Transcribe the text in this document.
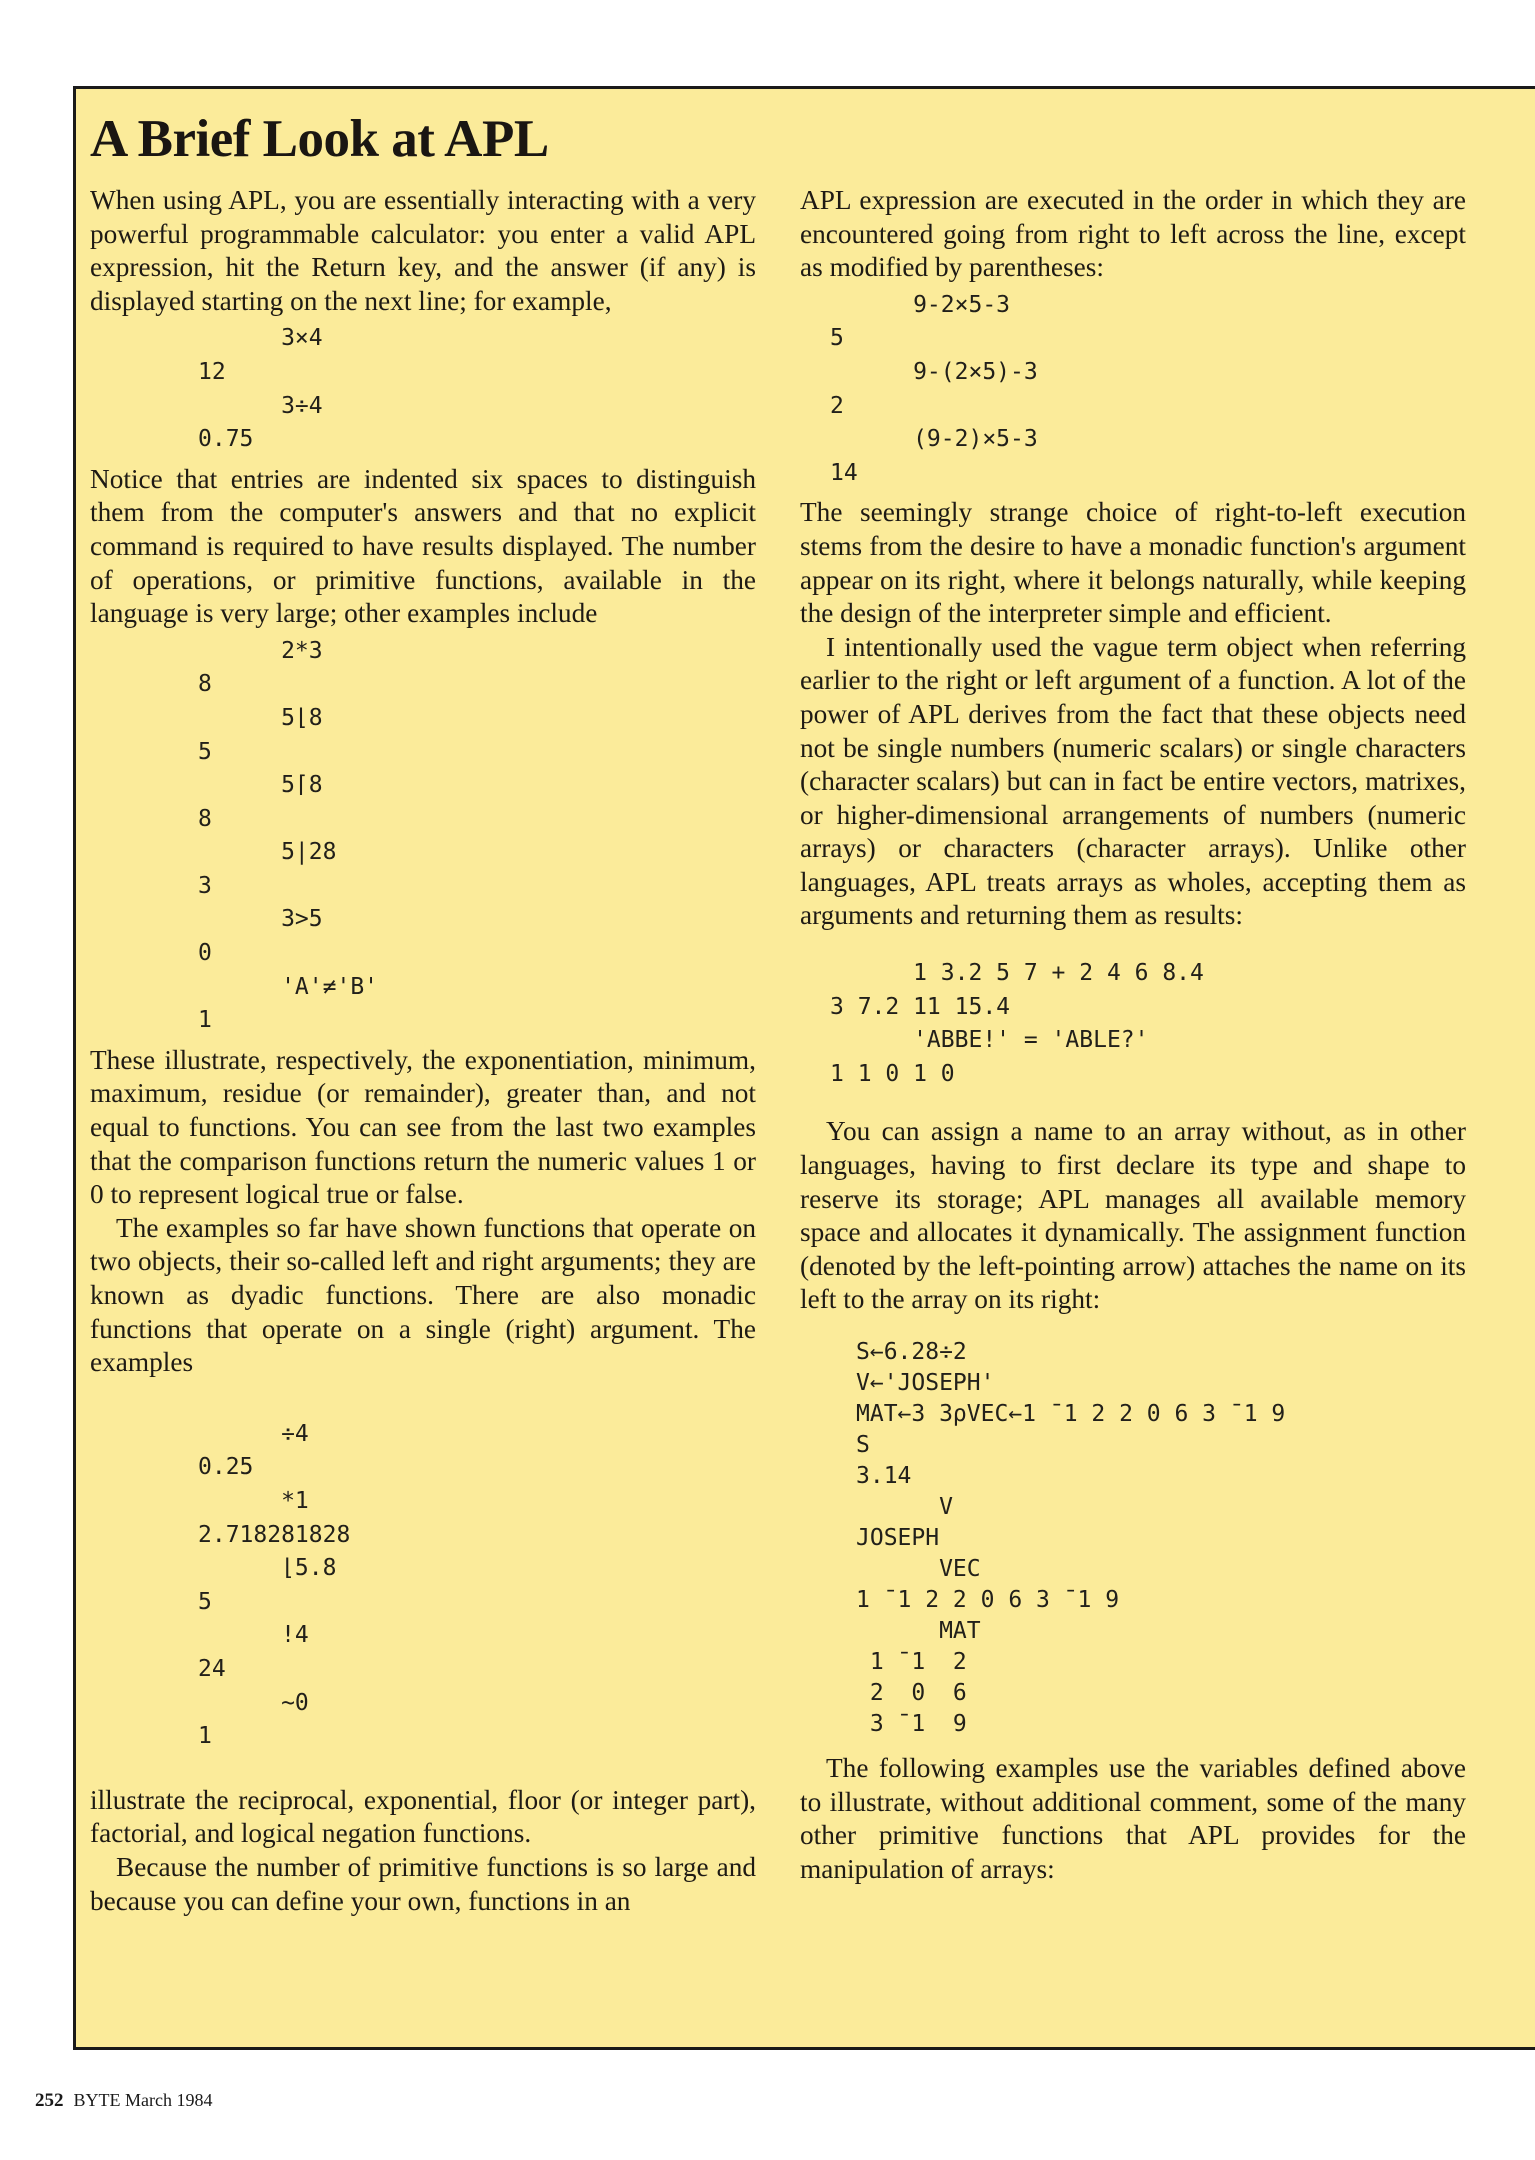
A Brief Look at APL

When using APL, you are essentially interacting with a very powerful programmable calculator: you enter a valid APL expression, hit the Return key, and the answer (if any) is displayed starting on the next line; for example,

3×4
12
3÷4
0.75

Notice that entries are indented six spaces to distinguish them from the computer's answers and that no explicit command is required to have results displayed. The number of operations, or primitive functions, available in the language is very large; other examples include

2*3
8
5⌊8
5
5⌈8
8
5|28
3
3>5
0
'A'≠'B'
1

These illustrate, respectively, the exponentiation, minimum, maximum, residue (or remainder), greater than, and not equal to functions. You can see from the last two examples that the comparison functions return the numeric values 1 or 0 to represent logical true or false.

The examples so far have shown functions that operate on two objects, their so-called left and right arguments; they are known as dyadic functions. There are also monadic functions that operate on a single (right) argument. The examples

÷4
0.25
*1
2.718281828
⌊5.8
5
!4
24
~0
1

illustrate the reciprocal, exponential, floor (or integer part), factorial, and logical negation functions.

Because the number of primitive functions is so large and because you can define your own, functions in an

APL expression are executed in the order in which they are encountered going from right to left across the line, except as modified by parentheses:

9-2×5-3
5
9-(2×5)-3
2
(9-2)×5-3
14

The seemingly strange choice of right-to-left execution stems from the desire to have a monadic function's argument appear on its right, where it belongs naturally, while keeping the design of the interpreter simple and efficient.

I intentionally used the vague term object when referring earlier to the right or left argument of a function. A lot of the power of APL derives from the fact that these objects need not be single numbers (numeric scalars) or single characters (character scalars) but can in fact be entire vectors, matrixes, or higher-dimensional arrangements of numbers (numeric arrays) or characters (character arrays). Unlike other languages, APL treats arrays as wholes, accepting them as arguments and returning them as results:

1 3.2 5 7 + 2 4 6 8.4
3 7.2 11 15.4
'ABBE!' = 'ABLE?'
1 1 0 1 0

You can assign a name to an array without, as in other languages, having to first declare its type and shape to reserve its storage; APL manages all available memory space and allocates it dynamically. The assignment function (denoted by the left-pointing arrow) attaches the name on its left to the array on its right:

S←6.28÷2
V←'JOSEPH'
MAT←3 3⍴VEC←1 ¯1 2 2 0 6 3 ¯1 9
S
3.14
V
JOSEPH
VEC
1 ¯1 2 2 0 6 3 ¯1 9
MAT
1 ¯1  2
2  0  6
3 ¯1  9

The following examples use the variables defined above to illustrate, without additional comment, some of the many other primitive functions that APL provides for the manipulation of arrays:

252 BYTE March 1984
